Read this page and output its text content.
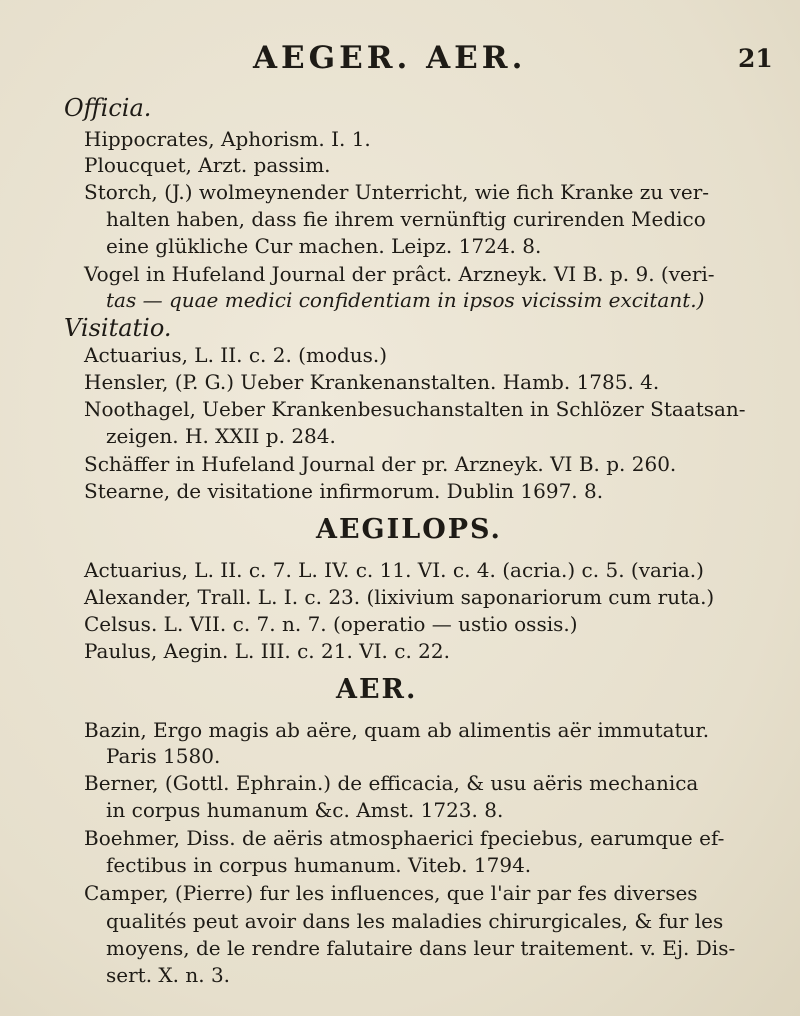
AEGER. AER.	21
Officia.
Hippocrates, Aphorism. I. 1.
Ploucquet, Arzt. passim.
Storch, (J.) wolmeynender Unterricht, wie fich Kranke zu ver-
halten haben, dass fie ihrem vernünftig curirenden Medico
eine glükliche Cur machen. Leipz. 1724. 8.
Vogel in Hufeland Journal der prâct. Arzneyk. VI B. p. 9. (veri-
tas — quae medici confidentiam in ipsos vicissim excitant.)
Visitatio.
Actuarius, L. II. c. 2. (modus.)
Hensler, (P. G.) Ueber Krankenanstalten. Hamb. 1785. 4.
Noothagel, Ueber Krankenbesuchanstalten in Schlözer Staatsan-
zeigen. H. XXII p. 284.
Schäffer in Hufeland Journal der pr. Arzneyk. VI B. p. 260.
Stearne, de visitatione infirmorum. Dublin 1697. 8.
AEGILOPS.
Actuarius, L. II. c. 7. L. IV. c. 11. VI. c. 4. (acria.) c. 5. (varia.)
Alexander, Trall. L. I. c. 23. (lixivium saponariorum cum ruta.)
Celsus. L. VII. c. 7. n. 7. (operatio — ustio ossis.)
Paulus, Aegin. L. III. c. 21. VI. c. 22.
AER.
Bazin, Ergo magis ab aëre, quam ab alimentis aër immutatur.
Paris 1580.
Berner, (Gottl. Ephrain.) de efficacia, & usu aëris mechanica
in corpus humanum &c. Amst. 1723. 8.
Boehmer, Diss. de aëris atmosphaerici fpeciebus, earumque ef-
fectibus in corpus humanum. Viteb. 1794.
Camper, (Pierre) fur les influences, que l'air par fes diverses
qualités peut avoir dans les maladies chirurgicales, & fur les
moyens, de le rendre falutaire dans leur traitement. v. Ej. Dis-
sert. X. n. 3.
